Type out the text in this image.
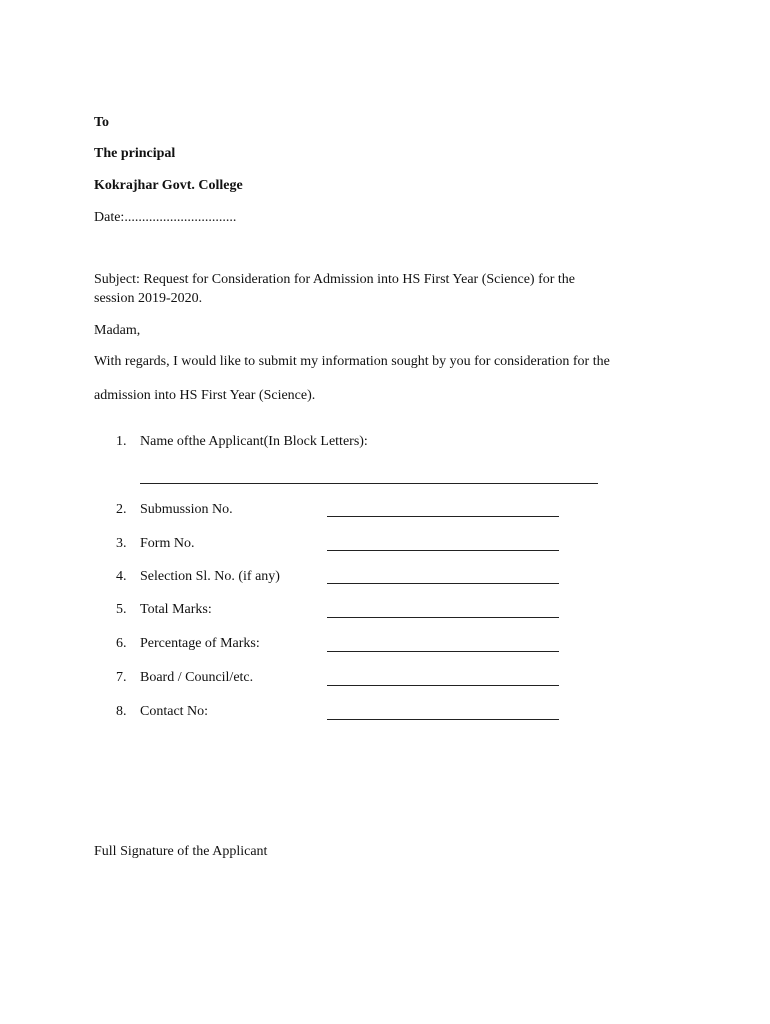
To
The principal
Kokrajhar Govt. College
Date:................................
Subject: Request for Consideration for Admission into HS First Year (Science) for the
session 2019-2020.
Madam,
With regards, I would like to submit my information sought by you for consideration for the
admission into HS First Year (Science).
1. Name ofthe Applicant(In Block Letters):
2. Submussion No.
3. Form No.
4. Selection Sl. No. (if any)
5. Total Marks:
6. Percentage of Marks:
7. Board / Council/etc.
8. Contact No:
Full Signature of the Applicant
